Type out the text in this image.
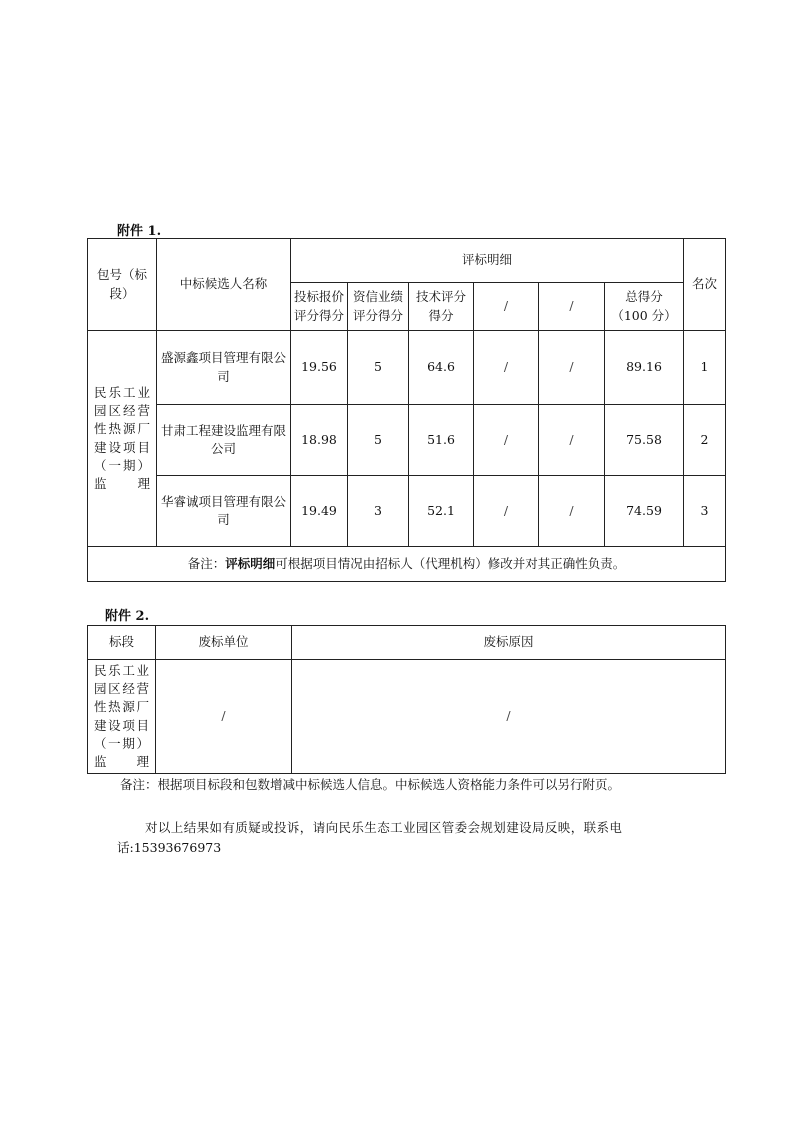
附件 1.
包号（标段）	中标候选人名称	评标明细						名次
		投标报价评分得分	资信业绩评分得分	技术评分得分	/	/	总得分（100 分）	
民乐工业园区经营性热源厂建设项目（一期）监理	盛源鑫项目管理有限公司	19.56	5	64.6	/	/	89.16	1
	甘肃工程建设监理有限公司	18.98	5	51.6	/	/	75.58	2
	华睿诚项目管理有限公司	19.49	3	52.1	/	/	74.59	3
备注：评标明细可根据项目情况由招标人（代理机构）修改并对其正确性负责。								
附件 2.
标段	废标单位	废标原因
民乐工业园区经营性热源厂建设项目（一期）监理	/	/
备注：根据项目标段和包数增减中标候选人信息。中标候选人资格能力条件可以另行附页。
对以上结果如有质疑或投诉，请向民乐生态工业园区管委会规划建设局反映，联系电
话:15393676973
